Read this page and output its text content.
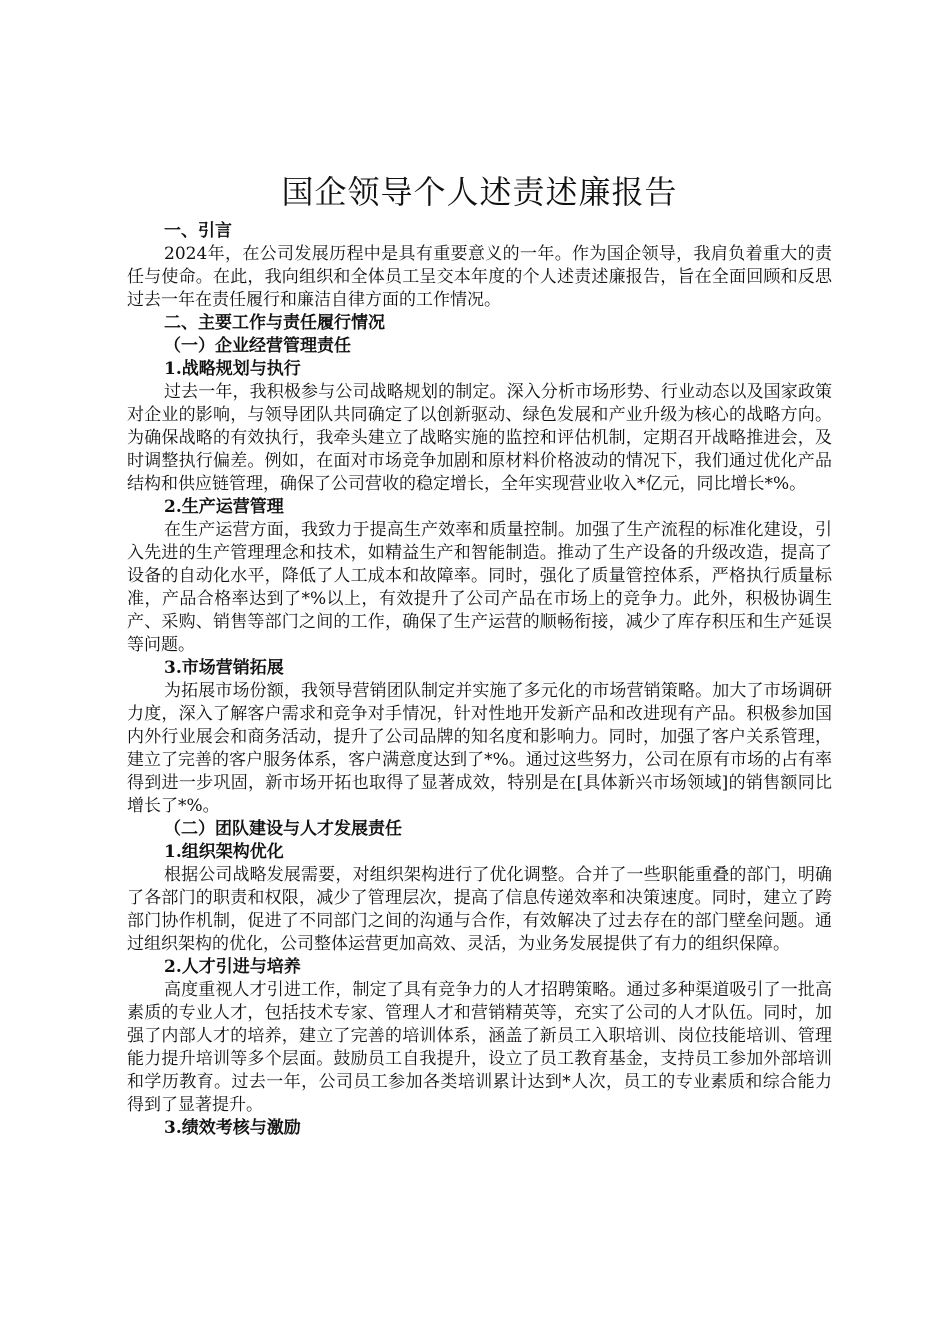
国企领导个人述责述廉报告

一、引言

2024年，在公司发展历程中是具有重要意义的一年。作为国企领导，我肩负着重大的责任与使命。在此，我向组织和全体员工呈交本年度的个人述责述廉报告，旨在全面回顾和反思过去一年在责任履行和廉洁自律方面的工作情况。

二、主要工作与责任履行情况

（一）企业经营管理责任

1.战略规划与执行

过去一年，我积极参与公司战略规划的制定。深入分析市场形势、行业动态以及国家政策对企业的影响，与领导团队共同确定了以创新驱动、绿色发展和产业升级为核心的战略方向。为确保战略的有效执行，我牵头建立了战略实施的监控和评估机制，定期召开战略推进会，及时调整执行偏差。例如，在面对市场竞争加剧和原材料价格波动的情况下，我们通过优化产品结构和供应链管理，确保了公司营收的稳定增长，全年实现营业收入*亿元，同比增长*%。

2.生产运营管理

在生产运营方面，我致力于提高生产效率和质量控制。加强了生产流程的标准化建设，引入先进的生产管理理念和技术，如精益生产和智能制造。推动了生产设备的升级改造，提高了设备的自动化水平，降低了人工成本和故障率。同时，强化了质量管控体系，严格执行质量标准，产品合格率达到了*%以上，有效提升了公司产品在市场上的竞争力。此外，积极协调生产、采购、销售等部门之间的工作，确保了生产运营的顺畅衔接，减少了库存积压和生产延误等问题。

3.市场营销拓展

为拓展市场份额，我领导营销团队制定并实施了多元化的市场营销策略。加大了市场调研力度，深入了解客户需求和竞争对手情况，针对性地开发新产品和改进现有产品。积极参加国内外行业展会和商务活动，提升了公司品牌的知名度和影响力。同时，加强了客户关系管理，建立了完善的客户服务体系，客户满意度达到了*%。通过这些努力，公司在原有市场的占有率得到进一步巩固，新市场开拓也取得了显著成效，特别是在[具体新兴市场领域]的销售额同比增长了*%。

（二）团队建设与人才发展责任

1.组织架构优化

根据公司战略发展需要，对组织架构进行了优化调整。合并了一些职能重叠的部门，明确了各部门的职责和权限，减少了管理层次，提高了信息传递效率和决策速度。同时，建立了跨部门协作机制，促进了不同部门之间的沟通与合作，有效解决了过去存在的部门壁垒问题。通过组织架构的优化，公司整体运营更加高效、灵活，为业务发展提供了有力的组织保障。

2.人才引进与培养

高度重视人才引进工作，制定了具有竞争力的人才招聘策略。通过多种渠道吸引了一批高素质的专业人才，包括技术专家、管理人才和营销精英等，充实了公司的人才队伍。同时，加强了内部人才的培养，建立了完善的培训体系，涵盖了新员工入职培训、岗位技能培训、管理能力提升培训等多个层面。鼓励员工自我提升，设立了员工教育基金，支持员工参加外部培训和学历教育。过去一年，公司员工参加各类培训累计达到*人次，员工的专业素质和综合能力得到了显著提升。

3.绩效考核与激励
